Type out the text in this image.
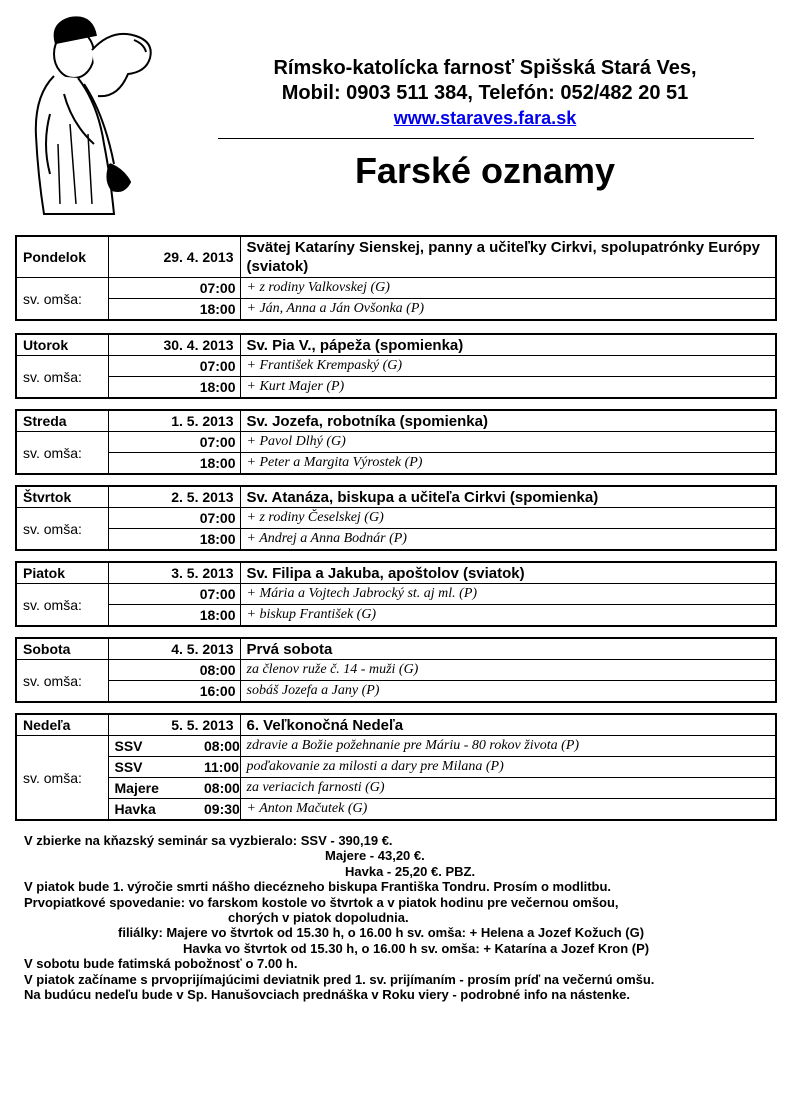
Rímsko-katolícka farnosť Spišská Stará Ves,
Mobil: 0903 511 384, Telefón: 052/482 20 51
www.staraves.fara.sk
Farské oznamy
Pondelok	29. 4. 2013	Svätej Kataríny Sienskej, panny a učiteľky Cirkvi, spolupatrónky Európy (sviatok)
sv. omša:	07:00	+ z rodiny Valkovskej (G)
	18:00	+ Ján, Anna a Ján Ovšonka (P)
Utorok	30. 4. 2013	Sv. Pia V., pápeža (spomienka)
sv. omša:	07:00	+ František Krempaský (G)
	18:00	+ Kurt Majer (P)
Streda	1. 5. 2013	Sv. Jozefa, robotníka (spomienka)
sv. omša:	07:00	+ Pavol Dlhý (G)
	18:00	+ Peter a Margita Výrostek (P)
Štvrtok	2. 5. 2013	Sv. Atanáza, biskupa a učiteľa Cirkvi (spomienka)
sv. omša:	07:00	+ z rodiny Česelskej (G)
	18:00	+ Andrej a Anna Bodnár (P)
Piatok	3. 5. 2013	Sv. Filipa a Jakuba, apoštolov (sviatok)
sv. omša:	07:00	+ Mária a Vojtech Jabrocký st. aj ml. (P)
	18:00	+ biskup František (G)
Sobota	4. 5. 2013	Prvá sobota
sv. omša:	08:00	za členov ruže č. 14 - muži (G)
	16:00	sobáš Jozefa a Jany (P)
Nedeľa	5. 5. 2013		6. Veľkonočná Nedeľa
sv. omša:	SSV	08:00	zdravie a Božie požehnanie pre Máriu - 80 rokov života (P)
	SSV	11:00	poďakovanie za milosti a dary pre Milana (P)
	Majere	08:00	za veriacich farnosti (G)
	Havka	09:30	+ Anton Mačutek (G)
V zbierke na kňazský seminár sa vyzbieralo: SSV - 390,19 €.
Majere - 43,20 €.
Havka - 25,20 €. PBZ.
V piatok bude 1. výročie smrti nášho diecézneho biskupa Františka Tondru. Prosím o modlitbu.
Prvopiatkové spovedanie: vo farskom kostole vo štvrtok a v piatok hodinu pre večernou omšou,
chorých v piatok dopoludnia.
filiálky: Majere vo štvrtok od 15.30 h, o 16.00 h sv. omša: + Helena a Jozef Kožuch (G)
Havka vo štvrtok od 15.30 h, o 16.00 h sv. omša: + Katarína a Jozef Kron (P)
V sobotu bude fatimská pobožnosť o 7.00 h.
V piatok začíname s prvoprijímajúcimi deviatnik pred 1. sv. prijímaním - prosím príď na večernú omšu.
Na budúcu nedeľu bude v Sp. Hanušovciach prednáška v Roku viery - podrobné info na nástenke.
